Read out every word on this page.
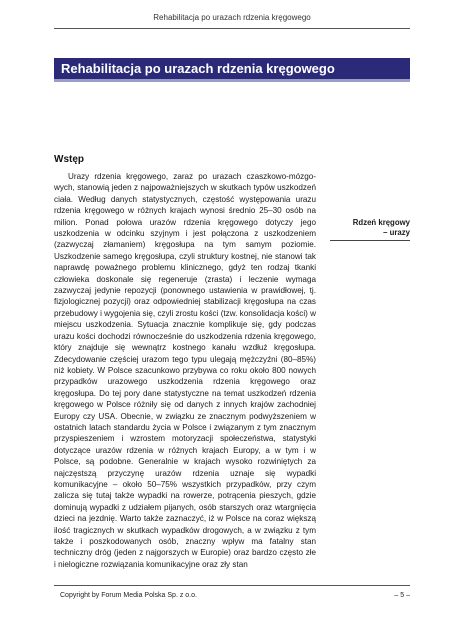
Rehabilitacja po urazach rdzenia kręgowego
Rehabilitacja po urazach rdzenia kręgowego
Wstęp

Urazy rdzenia kręgowego, zaraz po urazach czaszkowo-mózgowych, stanowią jeden z najpoważniejszych w skutkach typów uszkodzeń ciała. Według danych statystycznych, częstość występowania urazu rdzenia kręgowego w różnych krajach wynosi średnio 25–30 osób na milion. Ponad połowa urazów rdzenia kręgowego dotyczy jego uszkodzenia w odcinku szyjnym i jest połączona z uszkodzeniem (zazwyczaj złamaniem) kręgosłupa na tym samym poziomie. Uszkodzenie samego kręgosłupa, czyli struktury kostnej, nie stanowi tak naprawdę poważnego problemu klinicznego, gdyż ten rodzaj tkanki człowieka doskonale się regeneruje (zrasta) i leczenie wymaga zazwyczaj jedynie repozycji (ponownego ustawienia w prawidłowej, tj. fizjologicznej pozycji) oraz odpowiedniej stabilizacji kręgosłupa na czas przebudowy i wygojenia się, czyli zrostu kości (tzw. konsolidacja kości) w miejscu uszkodzenia. Sytuacja znacznie komplikuje się, gdy podczas urazu kości dochodzi równocześnie do uszkodzenia rdzenia kręgowego, który znajduje się wewnątrz kostnego kanału wzdłuż kręgosłupa. Zdecydowanie częściej urazom tego typu ulegają mężczyźni (80–85%) niż kobiety. W Polsce szacunkowo przybywa co roku około 800 nowych przypadków urazowego uszkodzenia rdzenia kręgowego oraz kręgosłupa. Do tej pory dane statystyczne na temat uszkodzeń rdzenia kręgowego w Polsce różniły się od danych z innych krajów zachodniej Europy czy USA. Obecnie, w związku ze znacznym podwyższeniem w ostatnich latach standardu życia w Polsce i związanym z tym znacznym przyspieszeniem i wzrostem motoryzacji społeczeństwa, statystyki dotyczące urazów rdzenia w różnych krajach Europy, a w tym i w Polsce, są podobne. Generalnie w krajach wysoko rozwiniętych za najczęstszą przyczynę urazów rdzenia uznaje się wypadki komunikacyjne – około 50–75% wszystkich przypadków, przy czym zalicza się tutaj także wypadki na rowerze, potrącenia pieszych, gdzie dominują wypadki z udziałem pijanych, osób starszych oraz wtargnięcia dzieci na jezdnię. Warto także zaznaczyć, iż w Polsce na coraz większą ilość tragicznych w skutkach wypadków drogowych, a w związku z tym także i poszkodowanych osób, znaczny wpływ ma fatalny stan techniczny dróg (jeden z najgorszych w Europie) oraz bardzo często złe i nielogiczne rozwiązania komunikacyjne oraz zły stan

Rdzeń kręgowy
– urazy
Copyright by Forum Media Polska Sp. z o.o.	– 5 –
